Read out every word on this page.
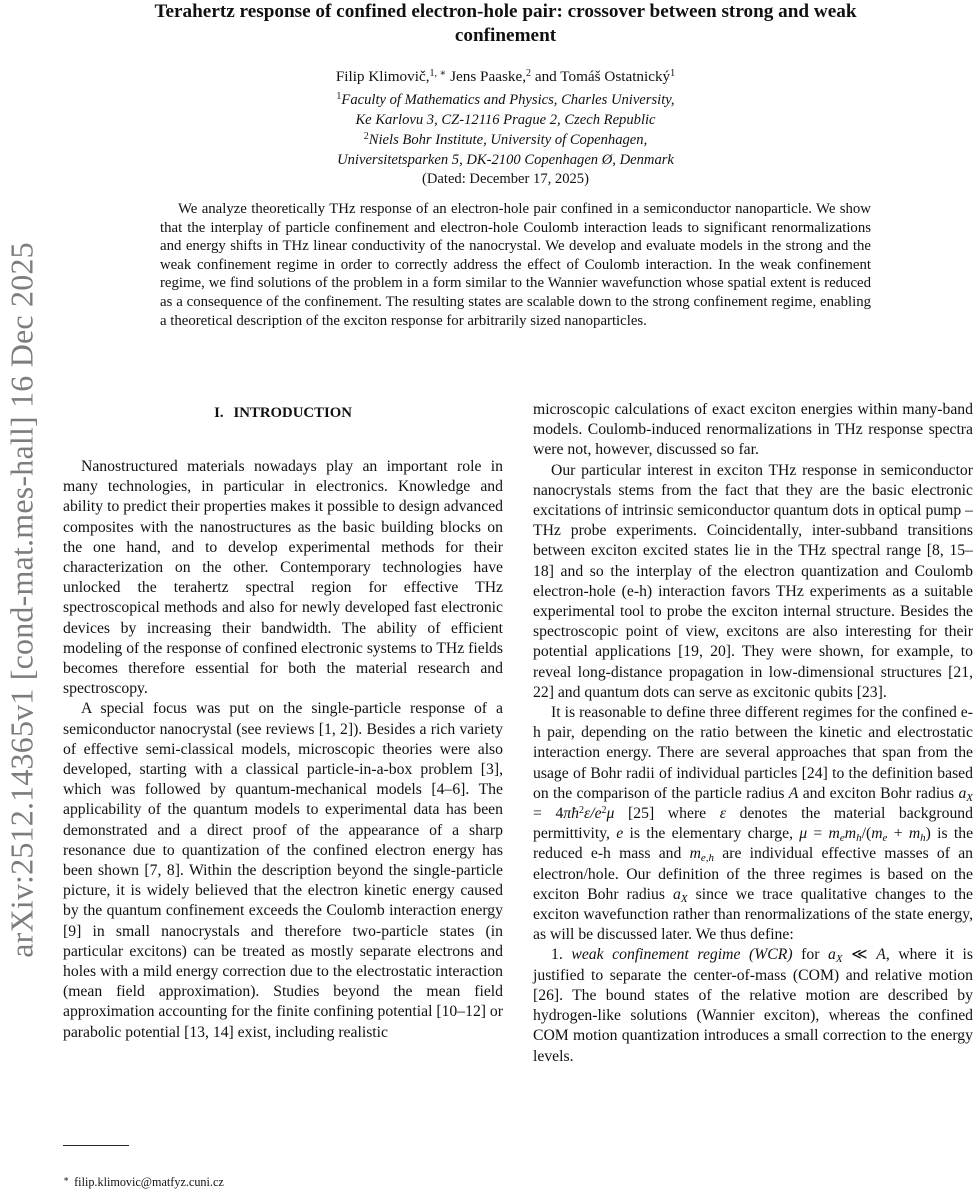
arXiv:2512.14365v1 [cond-mat.mes-hall] 16 Dec 2025
Terahertz response of confined electron-hole pair: crossover between strong and weak
confinement
Filip Klimovič,$^{1, ∗}$ Jens Paaske,$^2$ and Tomáš Ostatnický$^1$
$^1$Faculty of Mathematics and Physics, Charles University,
Ke Karlovu 3, CZ-12116 Prague 2, Czech Republic
$^2$Niels Bohr Institute, University of Copenhagen,
Universitetsparken 5, DK-2100 Copenhagen Ø, Denmark
(Dated: December 17, 2025)

We analyze theoretically THz response of an electron-hole pair confined in a semiconductor nanoparticle. We show that the interplay of particle confinement and electron-hole Coulomb interaction leads to significant renormalizations and energy shifts in THz linear conductivity of the nanocrystal. We develop and evaluate models in the strong and the weak confinement regime in order to correctly address the effect of Coulomb interaction. In the weak confinement regime, we find solutions of the problem in a form similar to the Wannier wavefunction whose spatial extent is reduced as a consequence of the confinement. The resulting states are scalable down to the strong confinement regime, enabling a theoretical description of the exciton response for arbitrarily sized nanoparticles.

I. INTRODUCTION

Nanostructured materials nowadays play an important role in many technologies, in particular in electronics. Knowledge and ability to predict their properties makes it possible to design advanced composites with the nanostructures as the basic building blocks on the one hand, and to develop experimental methods for their characterization on the other. Contemporary technologies have unlocked the terahertz spectral region for effective THz spectroscopical methods and also for newly developed fast electronic devices by increasing their bandwidth. The ability of efficient modeling of the response of confined electronic systems to THz fields becomes therefore essential for both the material research and spectroscopy.

A special focus was put on the single-particle response of a semiconductor nanocrystal (see reviews [1, 2]). Besides a rich variety of effective semi-classical models, microscopic theories were also developed, starting with a classical particle-in-a-box problem [3], which was followed by quantum-mechanical models [4–6]. The applicability of the quantum models to experimental data has been demonstrated and a direct proof of the appearance of a sharp resonance due to quantization of the confined electron energy has been shown [7, 8]. Within the description beyond the single-particle picture, it is widely believed that the electron kinetic energy caused by the quantum confinement exceeds the Coulomb interaction energy [9] in small nanocrystals and therefore two-particle states (in particular excitons) can be treated as mostly separate electrons and holes with a mild energy correction due to the electrostatic interaction (mean field approximation). Studies beyond the mean field approximation accounting for the finite confining potential [10–12] or parabolic potential [13, 14] exist, including realistic

microscopic calculations of exact exciton energies within many-band models. Coulomb-induced renormalizations in THz response spectra were not, however, discussed so far.

Our particular interest in exciton THz response in semiconductor nanocrystals stems from the fact that they are the basic electronic excitations of intrinsic semiconductor quantum dots in optical pump – THz probe experiments. Coincidentally, inter-subband transitions between exciton excited states lie in the THz spectral range [8, 15–18] and so the interplay of the electron quantization and Coulomb electron-hole (e-h) interaction favors THz experiments as a suitable experimental tool to probe the exciton internal structure. Besides the spectroscopic point of view, excitons are also interesting for their potential applications [19, 20]. They were shown, for example, to reveal long-distance propagation in low-dimensional structures [21, 22] and quantum dots can serve as excitonic qubits [23].

It is reasonable to define three different regimes for the confined e-h pair, depending on the ratio between the kinetic and electrostatic interaction energy. There are several approaches that span from the usage of Bohr radii of individual particles [24] to the definition based on the comparison of the particle radius A and exciton Bohr radius $a_X$ = $4\pi ħ^2\varepsilon/e^2\mu$ [25] where ε denotes the material background permittivity, e is the elementary charge, $\mu = m_em_h/(m_e + m_h)$ is the reduced e-h mass and $m_{e,h}$ are individual effective masses of an electron/hole. Our definition of the three regimes is based on the exciton Bohr radius $a_X$ since we trace qualitative changes to the exciton wavefunction rather than renormalizations of the state energy, as will be discussed later. We thus define:

1. weak confinement regime (WCR) for $a_X$ ≪ A, where it is justified to separate the center-of-mass (COM) and relative motion [26]. The bound states of the relative motion are described by hydrogen-like solutions (Wannier exciton), whereas the confined COM motion quantization introduces a small correction to the energy levels.

∗ filip.klimovic@matfyz.cuni.cz
